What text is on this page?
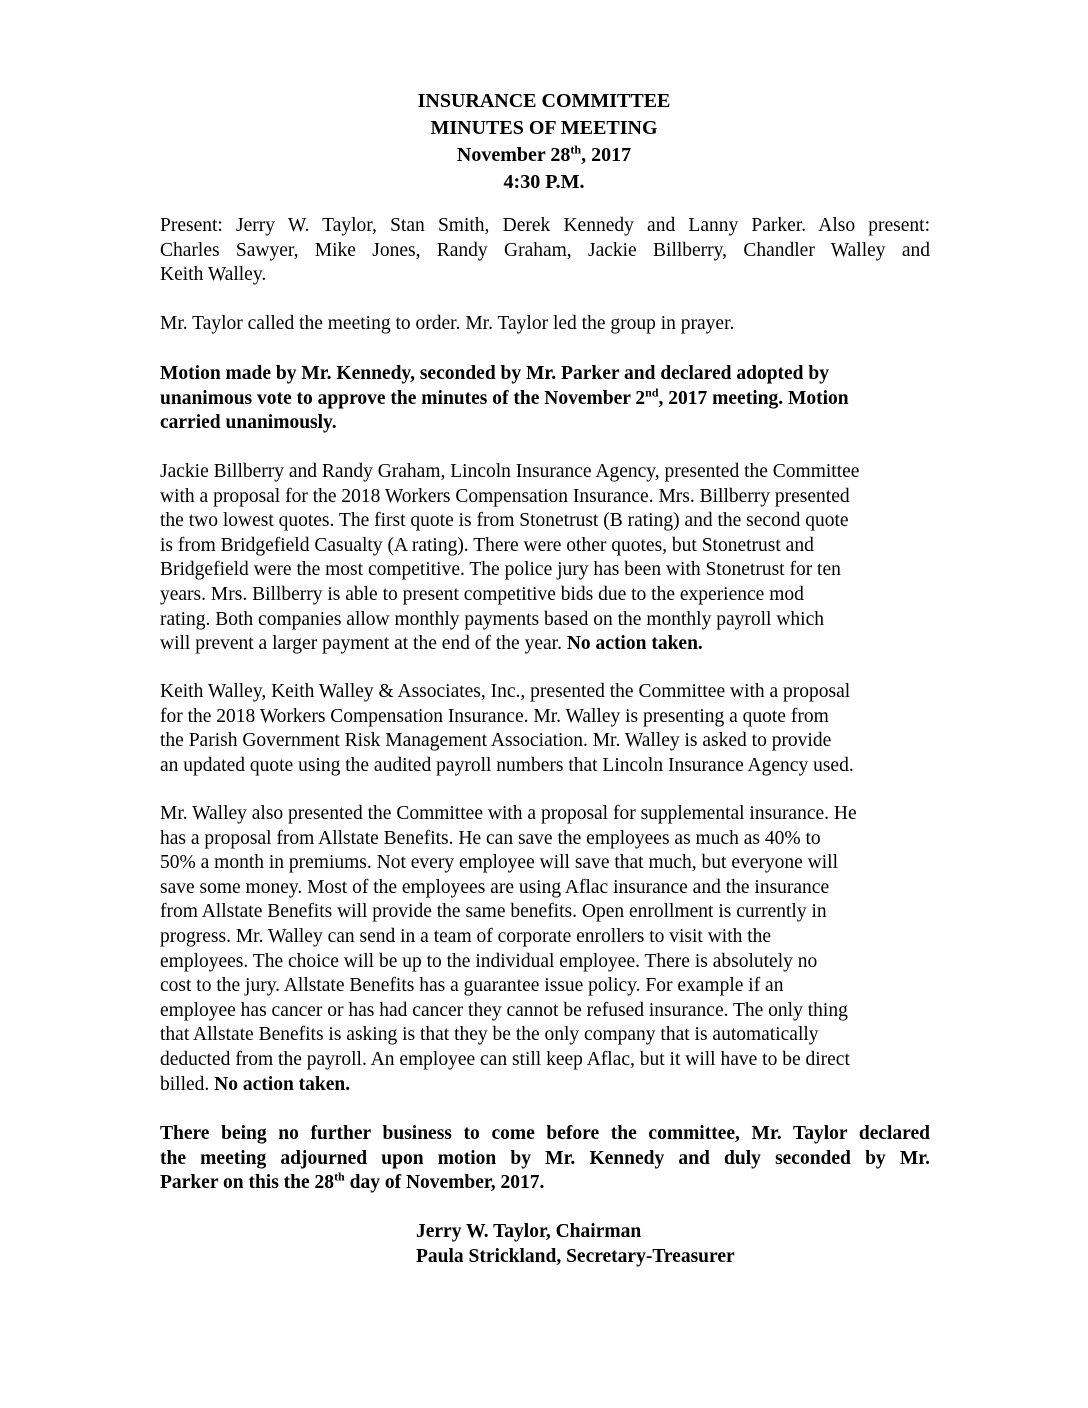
INSURANCE COMMITTEE
MINUTES OF MEETING
November 28th, 2017
4:30 P.M.
Present: Jerry W. Taylor, Stan Smith, Derek Kennedy and Lanny Parker. Also present:
Charles Sawyer, Mike Jones, Randy Graham, Jackie Billberry, Chandler Walley and
Keith Walley.
Mr. Taylor called the meeting to order. Mr. Taylor led the group in prayer.
Motion made by Mr. Kennedy, seconded by Mr. Parker and declared adopted by
unanimous vote to approve the minutes of the November 2nd, 2017 meeting. Motion
carried unanimously.
Jackie Billberry and Randy Graham, Lincoln Insurance Agency, presented the Committee
with a proposal for the 2018 Workers Compensation Insurance. Mrs. Billberry presented
the two lowest quotes. The first quote is from Stonetrust (B rating) and the second quote
is from Bridgefield Casualty (A rating). There were other quotes, but Stonetrust and
Bridgefield were the most competitive. The police jury has been with Stonetrust for ten
years. Mrs. Billberry is able to present competitive bids due to the experience mod
rating. Both companies allow monthly payments based on the monthly payroll which
will prevent a larger payment at the end of the year. No action taken.
Keith Walley, Keith Walley & Associates, Inc., presented the Committee with a proposal
for the 2018 Workers Compensation Insurance. Mr. Walley is presenting a quote from
the Parish Government Risk Management Association. Mr. Walley is asked to provide
an updated quote using the audited payroll numbers that Lincoln Insurance Agency used.
Mr. Walley also presented the Committee with a proposal for supplemental insurance. He
has a proposal from Allstate Benefits. He can save the employees as much as 40% to
50% a month in premiums. Not every employee will save that much, but everyone will
save some money. Most of the employees are using Aflac insurance and the insurance
from Allstate Benefits will provide the same benefits. Open enrollment is currently in
progress. Mr. Walley can send in a team of corporate enrollers to visit with the
employees. The choice will be up to the individual employee. There is absolutely no
cost to the jury. Allstate Benefits has a guarantee issue policy. For example if an
employee has cancer or has had cancer they cannot be refused insurance. The only thing
that Allstate Benefits is asking is that they be the only company that is automatically
deducted from the payroll. An employee can still keep Aflac, but it will have to be direct
billed. No action taken.
There being no further business to come before the committee, Mr. Taylor declared
the meeting adjourned upon motion by Mr. Kennedy and duly seconded by Mr.
Parker on this the 28th day of November, 2017.
Jerry W. Taylor, Chairman
Paula Strickland, Secretary-Treasurer
